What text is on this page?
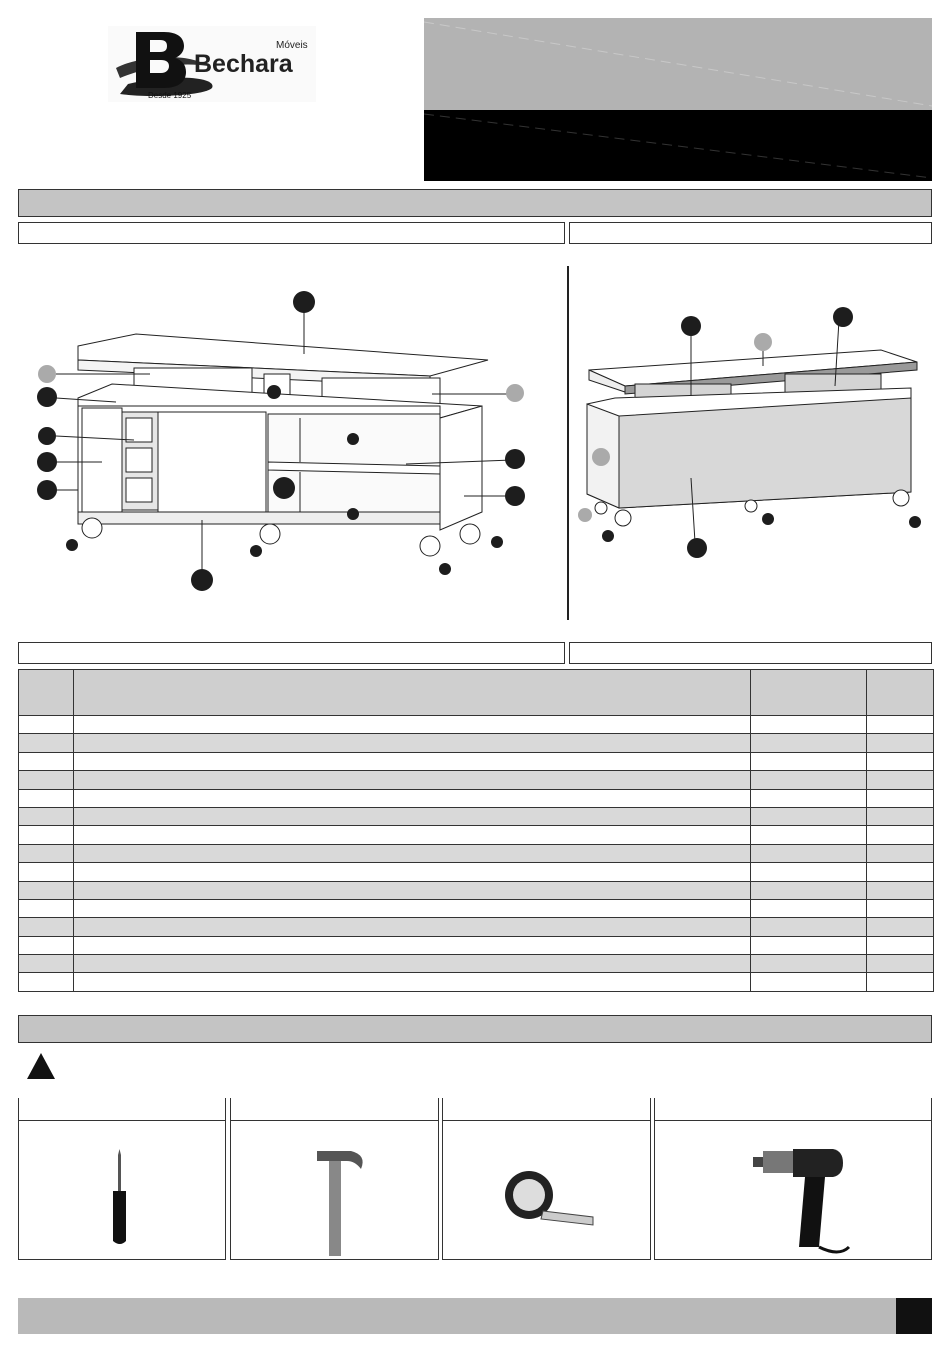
Desde 1925
Móveis
Bechara
